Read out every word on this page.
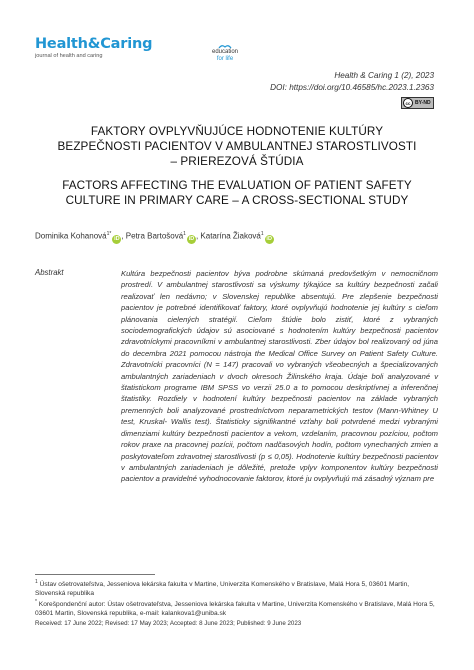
Health&Caring
journal of health and caring
education
for life
Health & Caring 1 (2), 2023
DOI: https://doi.org/10.46585/hc.2023.1.2363
cc BY-ND
FAKTORY OVPLYVŇUJÚCE HODNOTENIE KULTÚRY
BEZPEČNOSTI PACIENTOV V AMBULANTNEJ STAROSTLIVOSTI
– PRIEREZOVÁ ŠTÚDIA
FACTORS AFFECTING THE EVALUATION OF PATIENT SAFETY
CULTURE IN PRIMARY CARE – A CROSS-SECTIONAL STUDY
Dominika Kohanová$^{1*}$iD , Petra Bartošová$^1$iD , Katarína Žiaková$^1$iD
Abstrakt	Kultúra bezpečnosti pacientov býva podrobne skúmaná predovšetkým v nemocničnom prostredí. V ambulantnej starostlivosti sa výskumy týkajúce sa kultúry bezpečnosti začali realizovať len nedávno; v Slovenskej republike absentujú. Pre zlepšenie bezpečnosti pacientov je potrebné identifikovať faktory, ktoré ovplyvňujú hodnotenie jej kultúry s cieľom plánovania cielených stratégií. Cieľom štúdie bolo zistiť, ktoré z vybraných sociodemografických údajov sú asociované s hodnotením kultúry bezpečnosti pacientov zdravotníckymi pracovníkmi v ambulantnej starostlivosti. Zber údajov bol realizovaný od júna do decembra 2021 pomocou nástroja the Medical Office Survey on Patient Safety Culture. Zdravotnícki pracovníci (N = 147) pracovali vo vybraných všeobecných a špecializovaných ambulantných zariadeniach v dvoch okresoch Žilinského kraja. Údaje boli analyzované v štatistickom programe IBM SPSS vo verzii 25.0 a to pomocou deskriptívnej a inferenčnej štatistiky. Rozdiely v hodnotení kultúry bezpečnosti pacientov na základe vybraných premenných boli analyzované prostredníctvom neparametrických testov (Mann-Whitney U test, Kruskal- Wallis test). Štatisticky signifikantné vzťahy boli potvrdené medzi vybranými dimenziami kultúry bezpečnosti pacientov a vekom, vzdelaním, pracovnou pozíciou, počtom rokov praxe na pracovnej pozícii, počtom nadčasových hodín, počtom vynechaných zmien a poskytovateľom zdravotnej starostlivosti (p ≤ 0,05). Hodnotenie kultúry bezpečnosti pacientov v ambulantných zariadeniach je dôležité, pretože vplyv komponentov kultúry bezpečnosti pacientov a pravidelné vyhodnocovanie faktorov, ktoré ju ovplyvňujú má zásadný význam pre

$^1$ Ústav ošetrovateľstva, Jesseniova lekárska fakulta v Martine, Univerzita Komenského v Bratislave, Malá Hora 5, 03601 Martin, Slovenská republika
* Korešpondenční autor: Ústav ošetrovateľstva, Jesseniova lekárska fakulta v Martine, Univerzita Komenského v Bratislave, Malá Hora 5, 03601 Martin, Slovenská republika, e-mail: kalankova1@uniba.sk
Received: 17 June 2022; Revised: 17 May 2023; Accepted: 8 June 2023; Published: 9 June 2023
